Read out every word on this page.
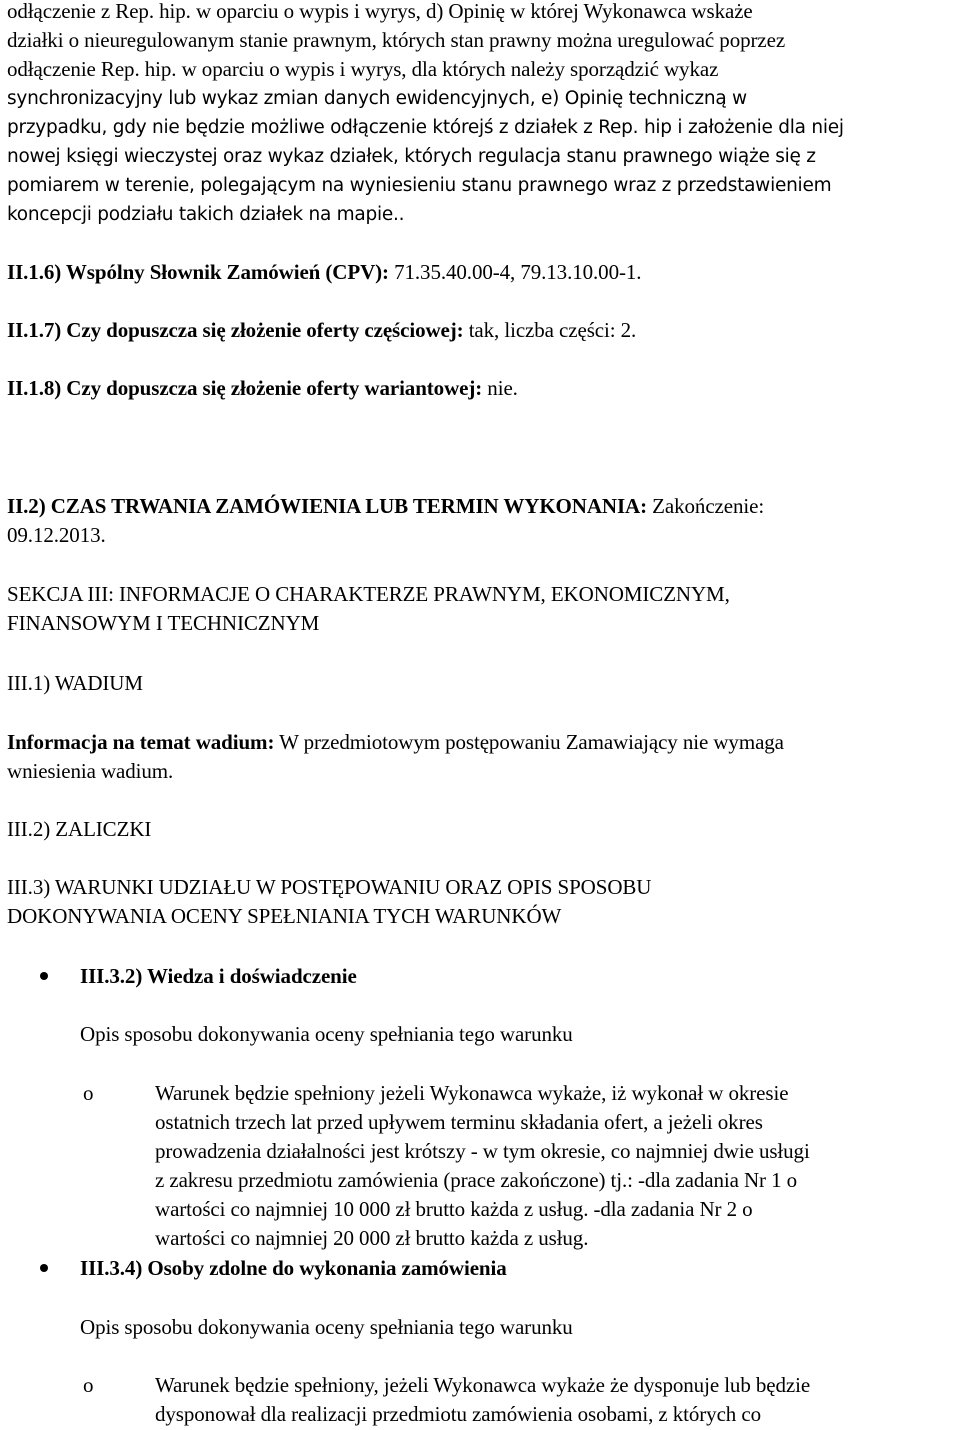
odłączenie z Rep. hip. w oparciu o wypis i wyrys, d) Opinię w której Wykonawca wskaże
działki o nieuregulowanym stanie prawnym, których stan prawny można uregulować poprzez
odłączenie Rep. hip. w oparciu o wypis i wyrys, dla których należy sporządzić wykaz
synchronizacyjny lub wykaz zmian danych ewidencyjnych, e) Opinię techniczną w
przypadku, gdy nie będzie możliwe odłączenie którejś z działek z Rep. hip i założenie dla niej
nowej księgi wieczystej oraz wykaz działek, których regulacja stanu prawnego wiąże się z
pomiarem w terenie, polegającym na wyniesieniu stanu prawnego wraz z przedstawieniem
koncepcji podziału takich działek na mapie..
II.1.6) Wspólny Słownik Zamówień (CPV): 71.35.40.00-4, 79.13.10.00-1.
II.1.7) Czy dopuszcza się złożenie oferty częściowej: tak, liczba części: 2.
II.1.8) Czy dopuszcza się złożenie oferty wariantowej: nie.
II.2) CZAS TRWANIA ZAMÓWIENIA LUB TERMIN WYKONANIA: Zakończenie:
09.12.2013.
SEKCJA III: INFORMACJE O CHARAKTERZE PRAWNYM, EKONOMICZNYM,
FINANSOWYM I TECHNICZNYM
III.1) WADIUM
Informacja na temat wadium: W przedmiotowym postępowaniu Zamawiający nie wymaga
wniesienia wadium.
III.2) ZALICZKI
III.3) WARUNKI UDZIAŁU W POSTĘPOWANIU ORAZ OPIS SPOSOBU
DOKONYWANIA OCENY SPEŁNIANIA TYCH WARUNKÓW
III.3.2) Wiedza i doświadczenie
Opis sposobu dokonywania oceny spełniania tego warunku
o	Warunek będzie spełniony jeżeli Wykonawca wykaże, iż wykonał w okresie
ostatnich trzech lat przed upływem terminu składania ofert, a jeżeli okres
prowadzenia działalności jest krótszy - w tym okresie, co najmniej dwie usługi
z zakresu przedmiotu zamówienia (prace zakończone) tj.: -dla zadania Nr 1 o
wartości co najmniej 10 000 zł brutto każda z usług. -dla zadania Nr 2 o
wartości co najmniej 20 000 zł brutto każda z usług.
III.3.4) Osoby zdolne do wykonania zamówienia
Opis sposobu dokonywania oceny spełniania tego warunku
o	Warunek będzie spełniony, jeżeli Wykonawca wykaże że dysponuje lub będzie
dysponował dla realizacji przedmiotu zamówienia osobami, z których co
